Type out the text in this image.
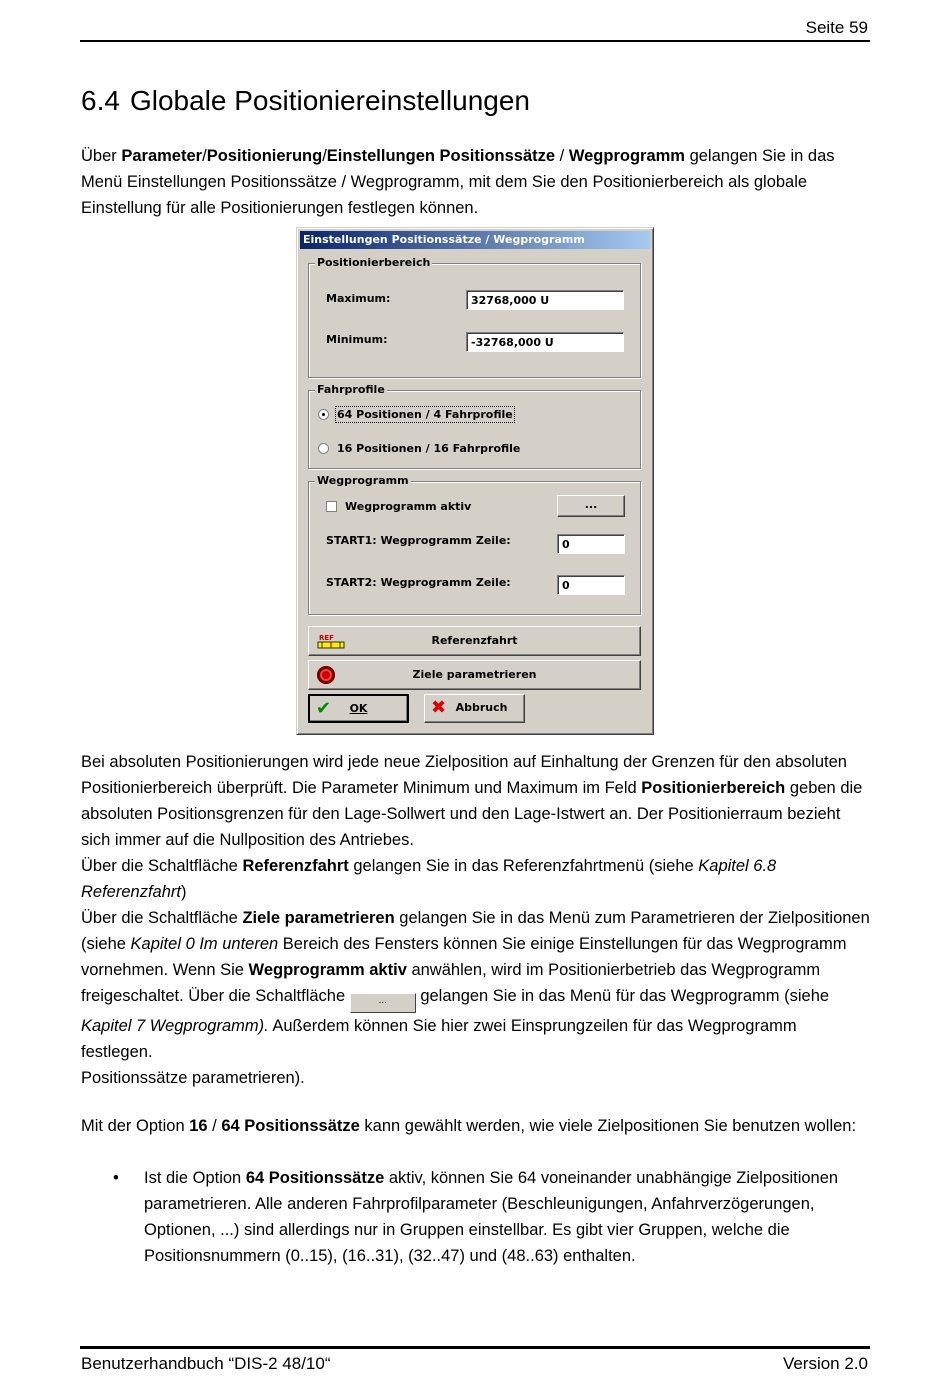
Seite 59
6.4 Globale Positioniereinstellungen

Über Parameter/Positionierung/Einstellungen Positionssätze / Wegprogramm gelangen Sie in das Menü Einstellungen Positionssätze / Wegprogramm, mit dem Sie den Positionierbereich als globale Einstellung für alle Positionierungen festlegen können.

Einstellungen Positionssätze / Wegprogramm
Positionierbereich
Maximum:	32768,000 U
Minimum:	-32768,000 U
Fahrprofile
64 Positionen / 4 Fahrprofile
16 Positionen / 16 Fahrprofile
Wegprogramm
Wegprogramm aktiv	...
START1: Wegprogramm Zeile:	0
START2: Wegprogramm Zeile:	0
REF	Referenzfahrt
Ziele parametrieren
✔ OK	✖ Abbruch

Bei absoluten Positionierungen wird jede neue Zielposition auf Einhaltung der Grenzen für den absoluten Positionierbereich überprüft. Die Parameter Minimum und Maximum im Feld Positionierbereich geben die absoluten Positionsgrenzen für den Lage-Sollwert und den Lage-Istwert an. Der Positionierraum bezieht sich immer auf die Nullposition des Antriebes.
Über die Schaltfläche Referenzfahrt gelangen Sie in das Referenzfahrtmenü (siehe Kapitel 6.8 Referenzfahrt)
Über die Schaltfläche Ziele parametrieren gelangen Sie in das Menü zum Parametrieren der Zielpositionen (siehe Kapitel 0 Im unteren Bereich des Fensters können Sie einige Einstellungen für das Wegprogramm vornehmen. Wenn Sie Wegprogramm aktiv anwählen, wird im Positionierbetrieb das Wegprogramm freigeschaltet. Über die Schaltfläche	... gelangen Sie in das Menü für das Wegprogramm (siehe Kapitel 7 Wegprogramm). Außerdem können Sie hier zwei Einsprungzeilen für das Wegprogramm festlegen.
Positionssätze parametrieren).

Mit der Option 16 / 64 Positionssätze kann gewählt werden, wie viele Zielpositionen Sie benutzen wollen:

• Ist die Option 64 Positionssätze aktiv, können Sie 64 voneinander unabhängige Zielpositionen parametrieren. Alle anderen Fahrprofilparameter (Beschleunigungen, Anfahrverzögerungen, Optionen, ...) sind allerdings nur in Gruppen einstellbar. Es gibt vier Gruppen, welche die Positionsnummern (0..15), (16..31), (32..47) und (48..63) enthalten.
Benutzerhandbuch “DIS-2 48/10“	Version 2.0
